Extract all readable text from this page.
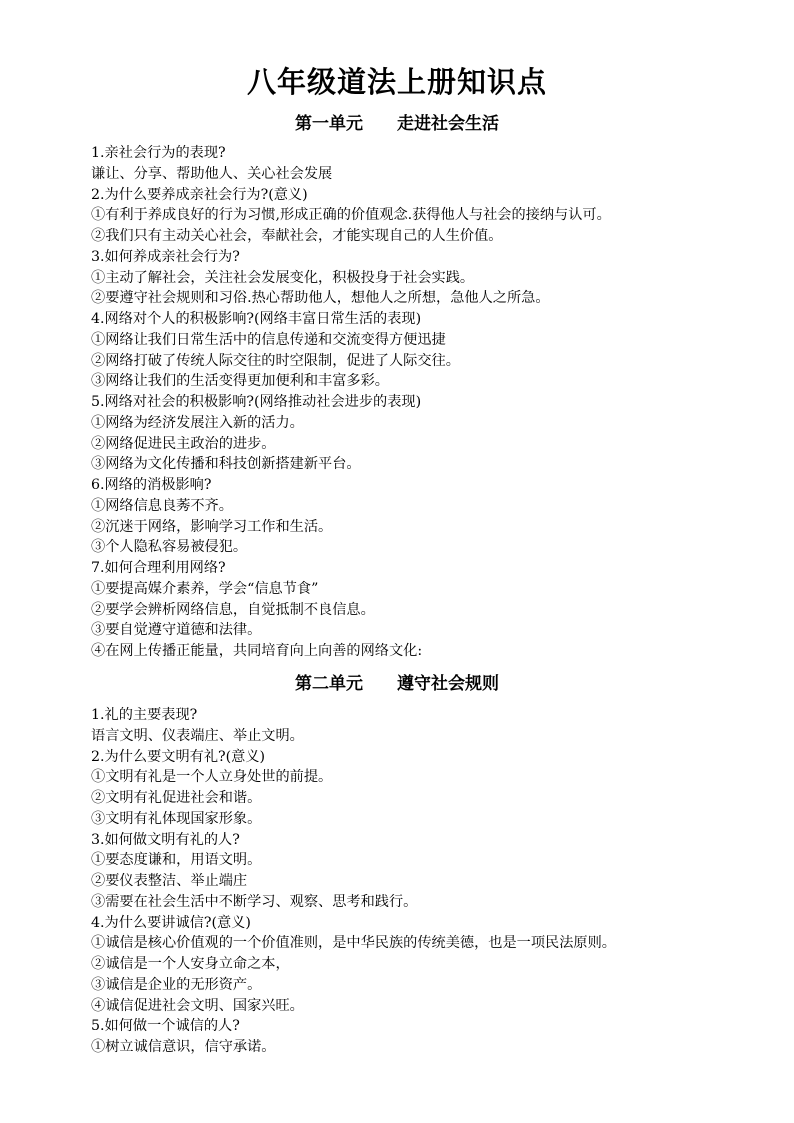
八年级道法上册知识点
第一单元 走进社会生活
1.亲社会行为的表现?
谦让、分享、帮助他人、关心社会发展
2.为什么要养成亲社会行为?(意义)
①有利于养成良好的行为习惯,形成正确的价值观念.获得他人与社会的接纳与认可。
②我们只有主动关心社会，奉献社会，才能实现自己的人生价值。
3.如何养成亲社会行为?
①主动了解社会，关注社会发展变化，积极投身于社会实践。
②要遵守社会规则和习俗.热心帮助他人，想他人之所想，急他人之所急。
4.网络对个人的积极影响?(网络丰富日常生活的表现)
①网络让我们日常生活中的信息传递和交流变得方便迅捷
②网络打破了传统人际交往的时空限制，促进了人际交往。
③网络让我们的生活变得更加便利和丰富多彩。
5.网络对社会的积极影响?(网络推动社会进步的表现)
①网络为经济发展注入新的活力。
②网络促进民主政治的进步。
③网络为文化传播和科技创新搭建新平台。
6.网络的消极影响?
①网络信息良莠不齐。
②沉迷于网络，影响学习工作和生活。
③个人隐私容易被侵犯。
7.如何合理利用网络?
①要提高媒介素养，学会“信息节食”
②要学会辨析网络信息，自觉抵制不良信息。
③要自觉遵守道德和法律。
④在网上传播正能量，共同培育向上向善的网络文化:
第二单元 遵守社会规则
1.礼的主要表现?
语言文明、仪表端庄、举止文明。
2.为什么要文明有礼?(意义)
①文明有礼是一个人立身处世的前提。
②文明有礼促进社会和谐。
③文明有礼体现国家形象。
3.如何做文明有礼的人?
①要态度谦和，用语文明。
②要仪表整洁、举止端庄
③需要在社会生活中不断学习、观察、思考和践行。
4.为什么要讲诚信?(意义)
①诚信是核心价值观的一个价值准则，是中华民族的传统美德，也是一项民法原则。
②诚信是一个人安身立命之本，
③诚信是企业的无形资产。
④诚信促进社会文明、国家兴旺。
5.如何做一个诚信的人?
①树立诚信意识，信守承诺。
